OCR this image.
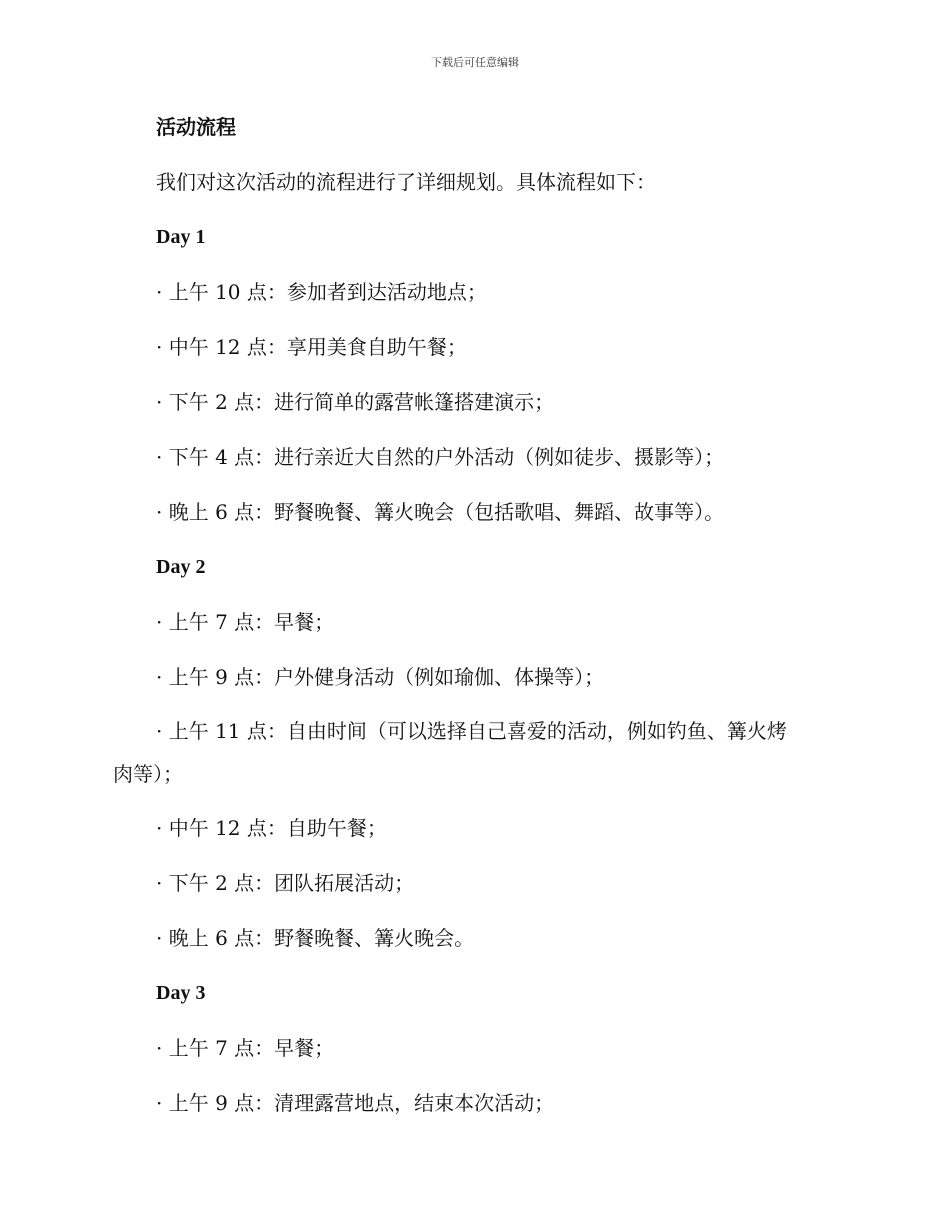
下载后可任意编辑
活动流程
我们对这次活动的流程进行了详细规划。具体流程如下：
Day 1
· 上午 10 点：参加者到达活动地点；
· 中午 12 点：享用美食自助午餐；
· 下午 2 点：进行简单的露营帐篷搭建演示；
· 下午 4 点：进行亲近大自然的户外活动（例如徒步、摄影等）；
· 晚上 6 点：野餐晚餐、篝火晚会（包括歌唱、舞蹈、故事等）。
Day 2
· 上午 7 点：早餐；
· 上午 9 点：户外健身活动（例如瑜伽、体操等）；
· 上午 11 点：自由时间（可以选择自己喜爱的活动，例如钓鱼、篝火烤
肉等）；
· 中午 12 点：自助午餐；
· 下午 2 点：团队拓展活动；
· 晚上 6 点：野餐晚餐、篝火晚会。
Day 3
· 上午 7 点：早餐；
· 上午 9 点：清理露营地点，结束本次活动；
